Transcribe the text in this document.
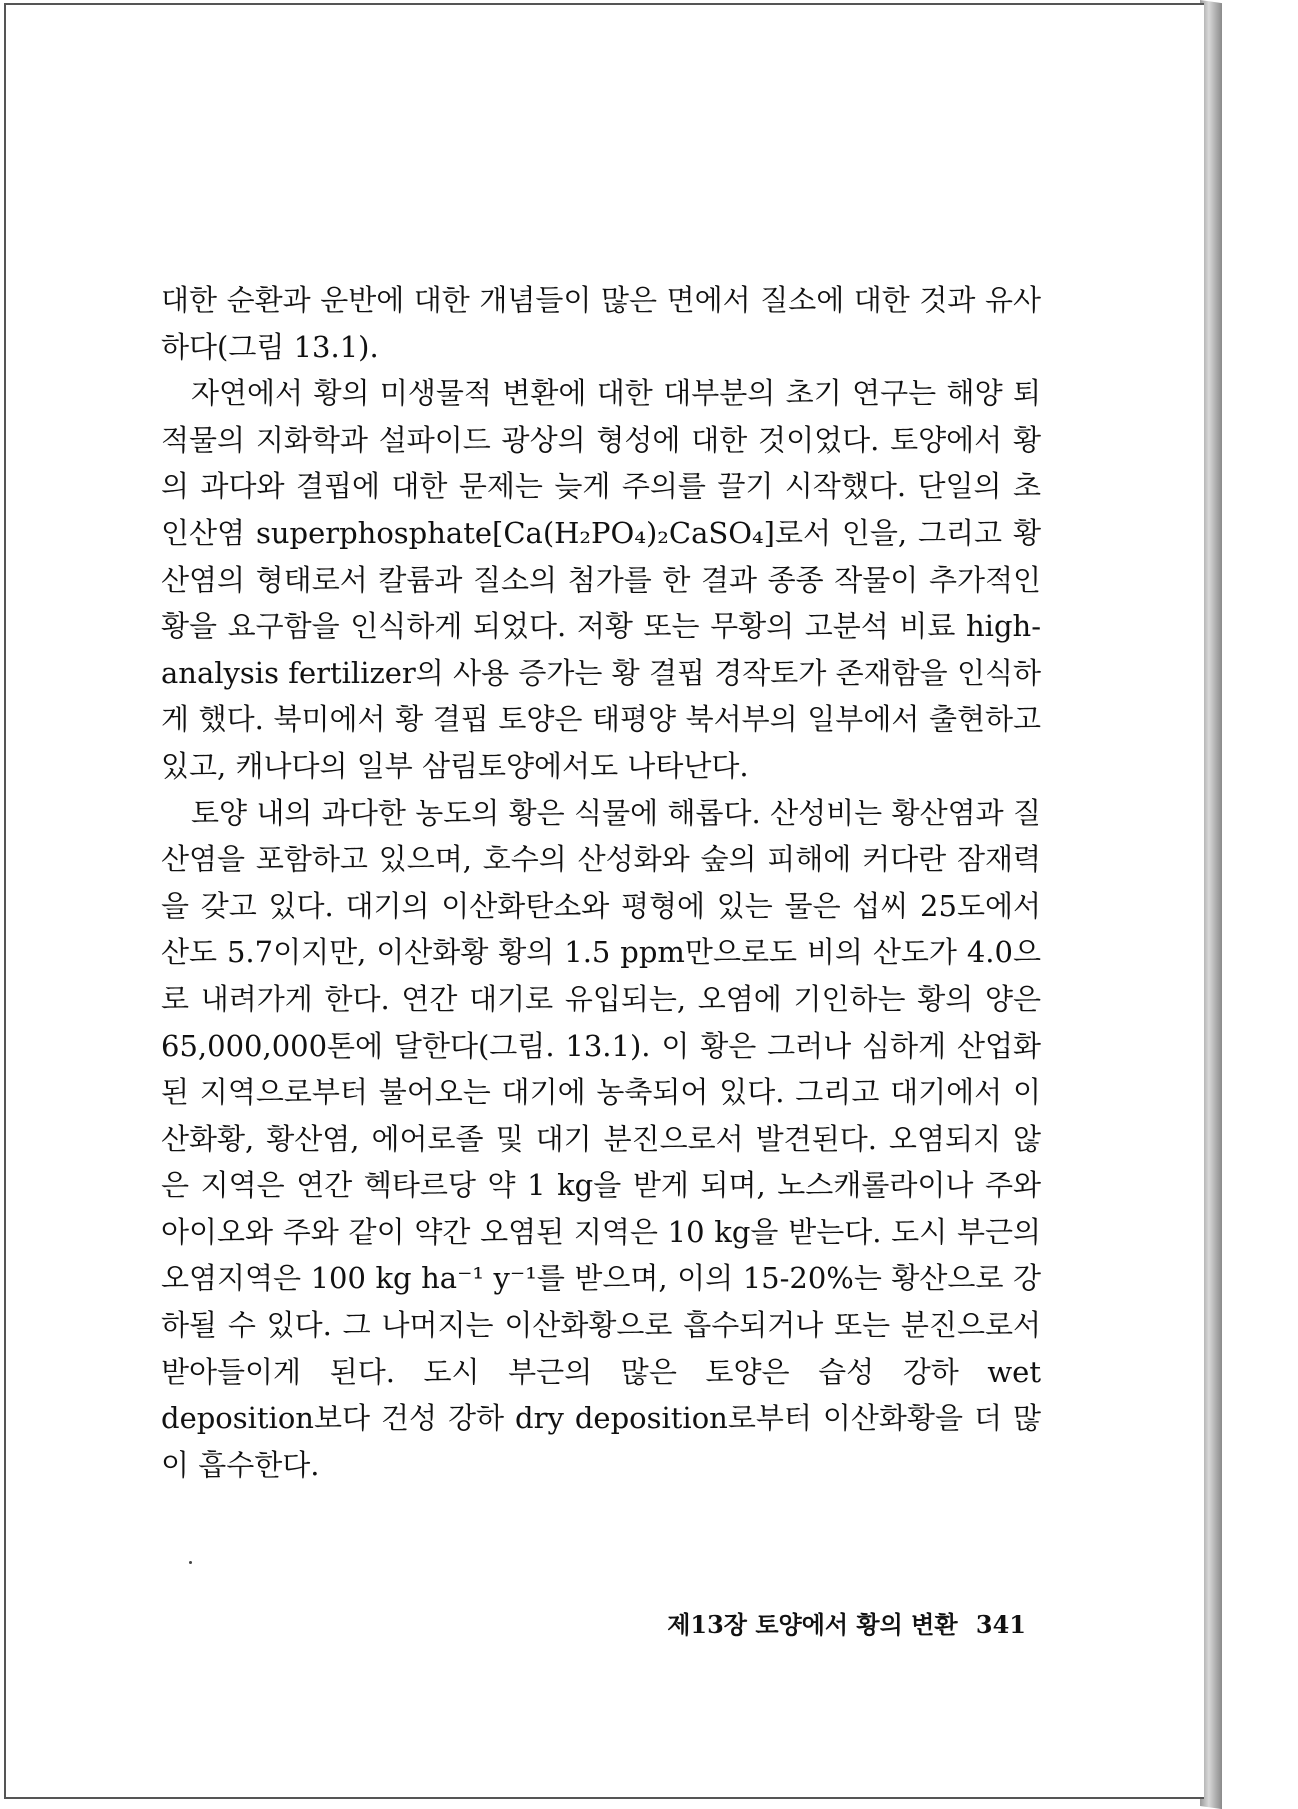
대한 순환과 운반에 대한 개념들이 많은 면에서 질소에 대한 것과 유사하다(그림 13.1).

자연에서 황의 미생물적 변환에 대한 대부분의 초기 연구는 해양 퇴적물의 지화학과 설파이드 광상의 형성에 대한 것이었다. 토양에서 황의 과다와 결핍에 대한 문제는 늦게 주의를 끌기 시작했다. 단일의 초인산염 superphosphate[Ca(H₂PO₄)₂CaSO₄]로서 인을, 그리고 황산염의 형태로서 칼륨과 질소의 첨가를 한 결과 종종 작물이 추가적인 황을 요구함을 인식하게 되었다. 저황 또는 무황의 고분석 비료 high-analysis fertilizer의 사용 증가는 황 결핍 경작토가 존재함을 인식하게 했다. 북미에서 황 결핍 토양은 태평양 북서부의 일부에서 출현하고 있고, 캐나다의 일부 삼림토양에서도 나타난다.

토양 내의 과다한 농도의 황은 식물에 해롭다. 산성비는 황산염과 질산염을 포함하고 있으며, 호수의 산성화와 숲의 피해에 커다란 잠재력을 갖고 있다. 대기의 이산화탄소와 평형에 있는 물은 섭씨 25도에서 산도 5.7이지만, 이산화황 황의 1.5 ppm만으로도 비의 산도가 4.0으로 내려가게 한다. 연간 대기로 유입되는, 오염에 기인하는 황의 양은 65,000,000톤에 달한다(그림. 13.1). 이 황은 그러나 심하게 산업화된 지역으로부터 불어오는 대기에 농축되어 있다. 그리고 대기에서 이산화황, 황산염, 에어로졸 및 대기 분진으로서 발견된다. 오염되지 않은 지역은 연간 헥타르당 약 1 kg을 받게 되며, 노스캐롤라이나 주와 아이오와 주와 같이 약간 오염된 지역은 10 kg을 받는다. 도시 부근의 오염지역은 100 kg ha⁻¹ y⁻¹를 받으며, 이의 15-20%는 황산으로 강하될 수 있다. 그 나머지는 이산화황으로 흡수되거나 또는 분진으로서 받아들이게 된다. 도시 부근의 많은 토양은 습성 강하 wet deposition보다 건성 강하 dry deposition로부터 이산화황을 더 많이 흡수한다.

제13장 토양에서 황의 변환 341
